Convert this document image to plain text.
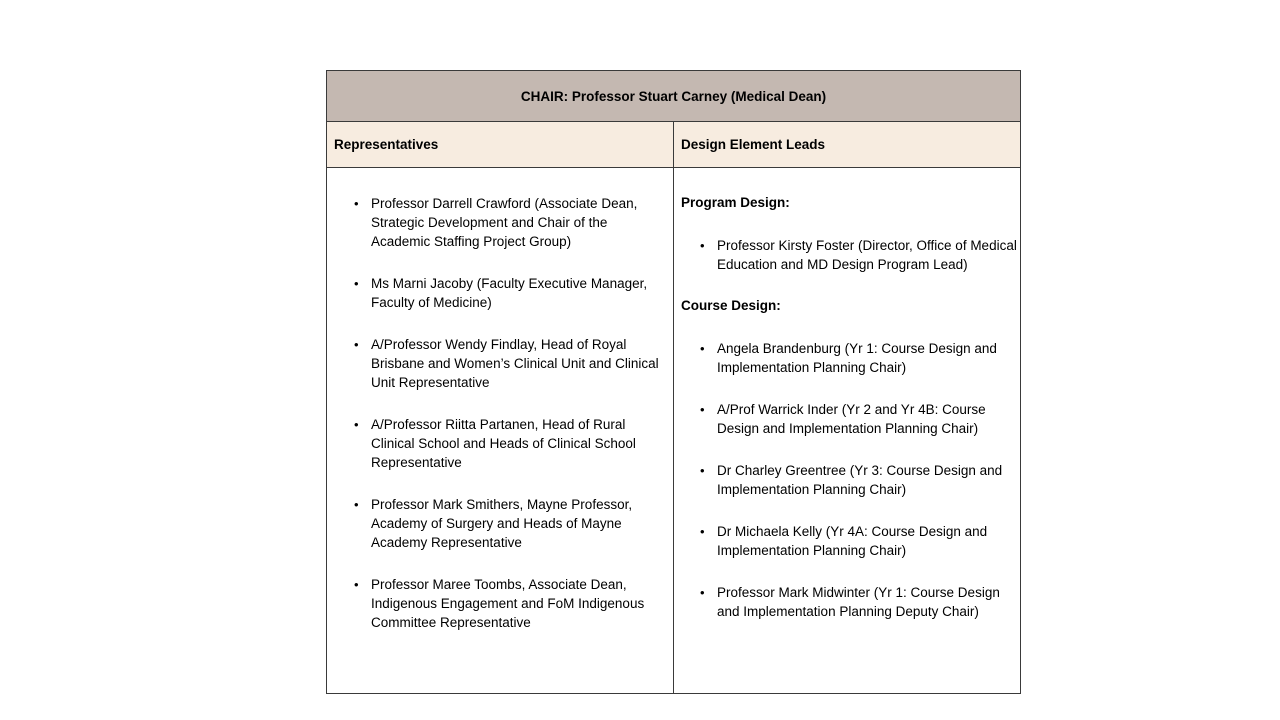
CHAIR: Professor Stuart Carney (Medical Dean)
Representatives	Design Element Leads
• Professor Darrell Crawford (Associate Dean, Strategic Development and Chair of the Academic Staffing Project Group)
• Ms Marni Jacoby (Faculty Executive Manager, Faculty of Medicine)
• A/Professor Wendy Findlay, Head of Royal Brisbane and Women’s Clinical Unit and Clinical Unit Representative
• A/Professor Riitta Partanen, Head of Rural Clinical School and Heads of Clinical School Representative
• Professor Mark Smithers, Mayne Professor, Academy of Surgery and Heads of Mayne Academy Representative
• Professor Maree Toombs, Associate Dean, Indigenous Engagement and FoM Indigenous Committee Representative
Program Design:
• Professor Kirsty Foster (Director, Office of Medical Education and MD Design Program Lead)
Course Design:
• Angela Brandenburg (Yr 1: Course Design and Implementation Planning Chair)
• A/Prof Warrick Inder (Yr 2 and Yr 4B: Course Design and Implementation Planning Chair)
• Dr Charley Greentree (Yr 3: Course Design and Implementation Planning Chair)
• Dr Michaela Kelly (Yr 4A: Course Design and Implementation Planning Chair)
• Professor Mark Midwinter (Yr 1: Course Design and Implementation Planning Deputy Chair)
